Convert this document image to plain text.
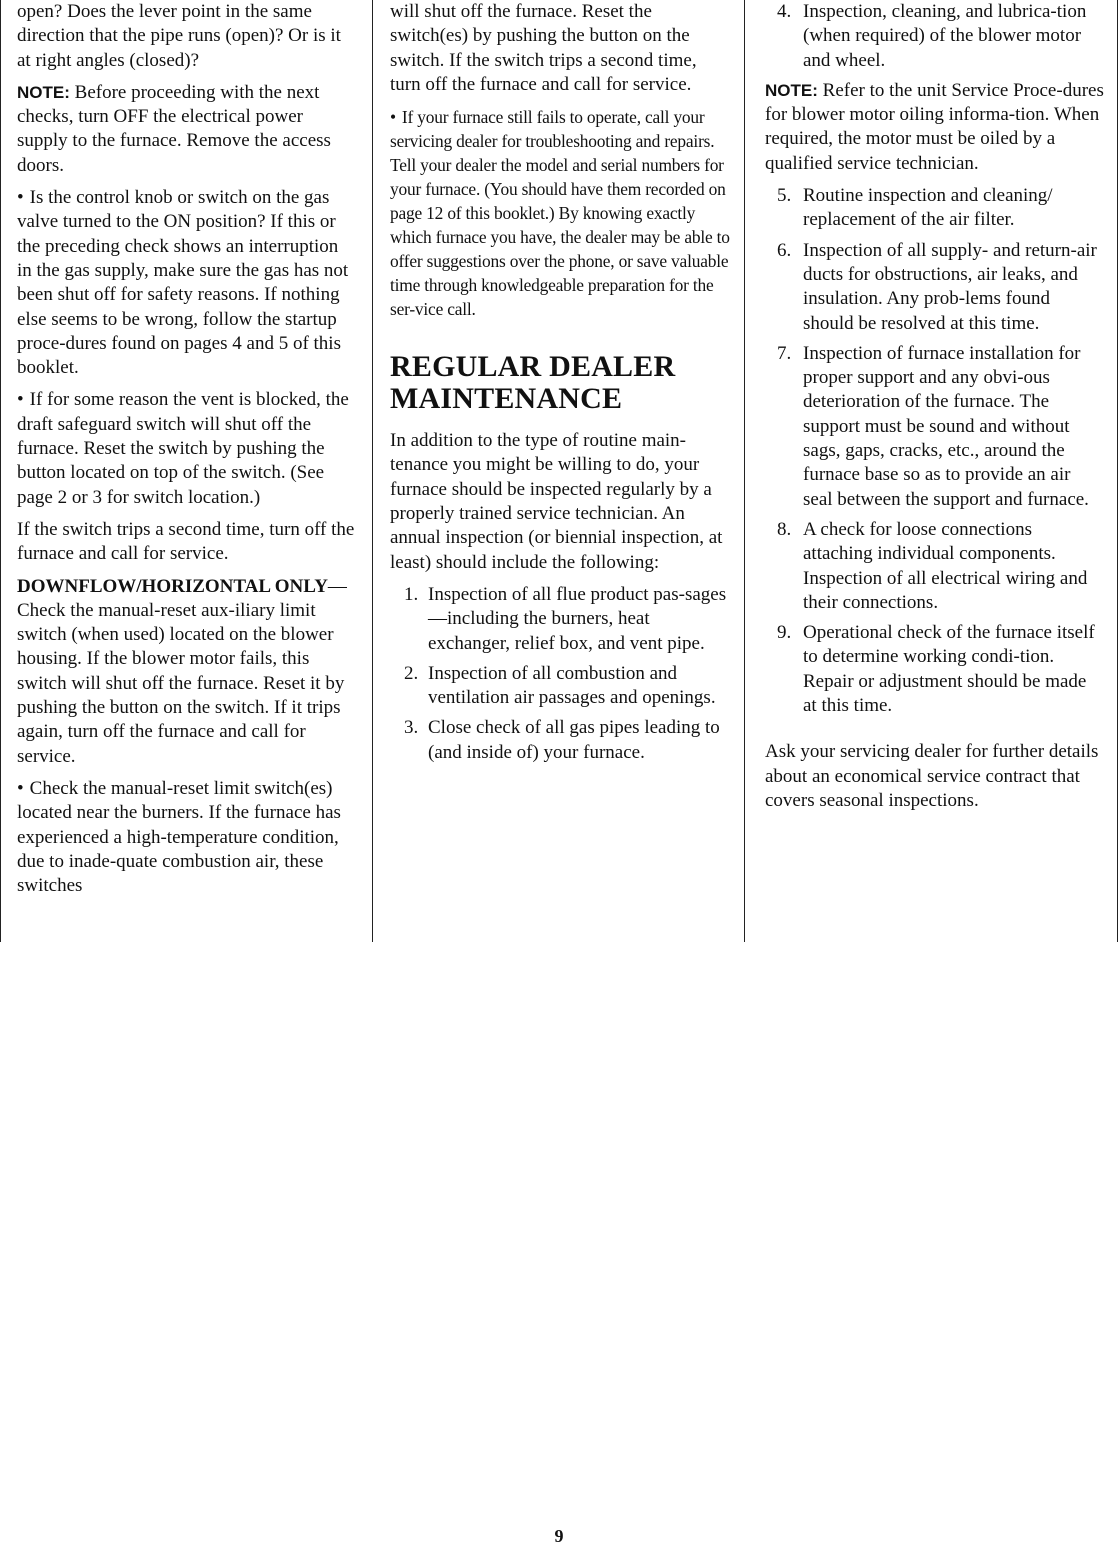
open? Does the lever point in the same direction that the pipe runs (open)? Or is it at right angles (closed)?

NOTE: Before proceeding with the next checks, turn OFF the electrical power supply to the furnace. Remove the access doors.

• Is the control knob or switch on the gas valve turned to the ON position? If this or the preceding check shows an interruption in the gas supply, make sure the gas has not been shut off for safety reasons. If nothing else seems to be wrong, follow the startup proce-dures found on pages 4 and 5 of this booklet.

• If for some reason the vent is blocked, the draft safeguard switch will shut off the furnace. Reset the switch by pushing the button located on top of the switch. (See page 2 or 3 for switch location.)

If the switch trips a second time, turn off the furnace and call for service.

DOWNFLOW/HORIZONTAL ONLY—Check the manual-reset aux-iliary limit switch (when used) located on the blower housing. If the blower motor fails, this switch will shut off the furnace. Reset it by pushing the button on the switch. If it trips again, turn off the furnace and call for service.

• Check the manual-reset limit switch(es) located near the burners. If the furnace has experienced a high-temperature condition, due to inade-quate combustion air, these switches

will shut off the furnace. Reset the switch(es) by pushing the button on the switch. If the switch trips a second time, turn off the furnace and call for service.

• If your furnace still fails to operate, call your servicing dealer for troubleshooting and repairs. Tell your dealer the model and serial numbers for your furnace. (You should have them recorded on page 12 of this booklet.) By knowing exactly which furnace you have, the dealer may be able to offer suggestions over the phone, or save valuable time through knowledgeable preparation for the ser-vice call.

REGULAR DEALER MAINTENANCE

In addition to the type of routine main-tenance you might be willing to do, your furnace should be inspected regularly by a properly trained service technician. An annual inspection (or biennial inspection, at least) should include the following:

1. Inspection of all flue product pas-sages—including the burners, heat exchanger, relief box, and vent pipe.
2. Inspection of all combustion and ventilation air passages and openings.
3. Close check of all gas pipes leading to (and inside of) your furnace.
4. Inspection, cleaning, and lubrica-tion (when required) of the blower motor and wheel.

NOTE: Refer to the unit Service Proce-dures for blower motor oiling informa-tion. When required, the motor must be oiled by a qualified service technician.

5. Routine inspection and cleaning/ replacement of the air filter.
6. Inspection of all supply- and return-air ducts for obstructions, air leaks, and insulation. Any prob-lems found should be resolved at this time.
7. Inspection of furnace installation for proper support and any obvi-ous deterioration of the furnace. The support must be sound and without sags, gaps, cracks, etc., around the furnace base so as to provide an air seal between the support and furnace.
8. A check for loose connections attaching individual components. Inspection of all electrical wiring and their connections.
9. Operational check of the furnace itself to determine working condi-tion. Repair or adjustment should be made at this time.

Ask your servicing dealer for further details about an economical service contract that covers seasonal inspections.

9
